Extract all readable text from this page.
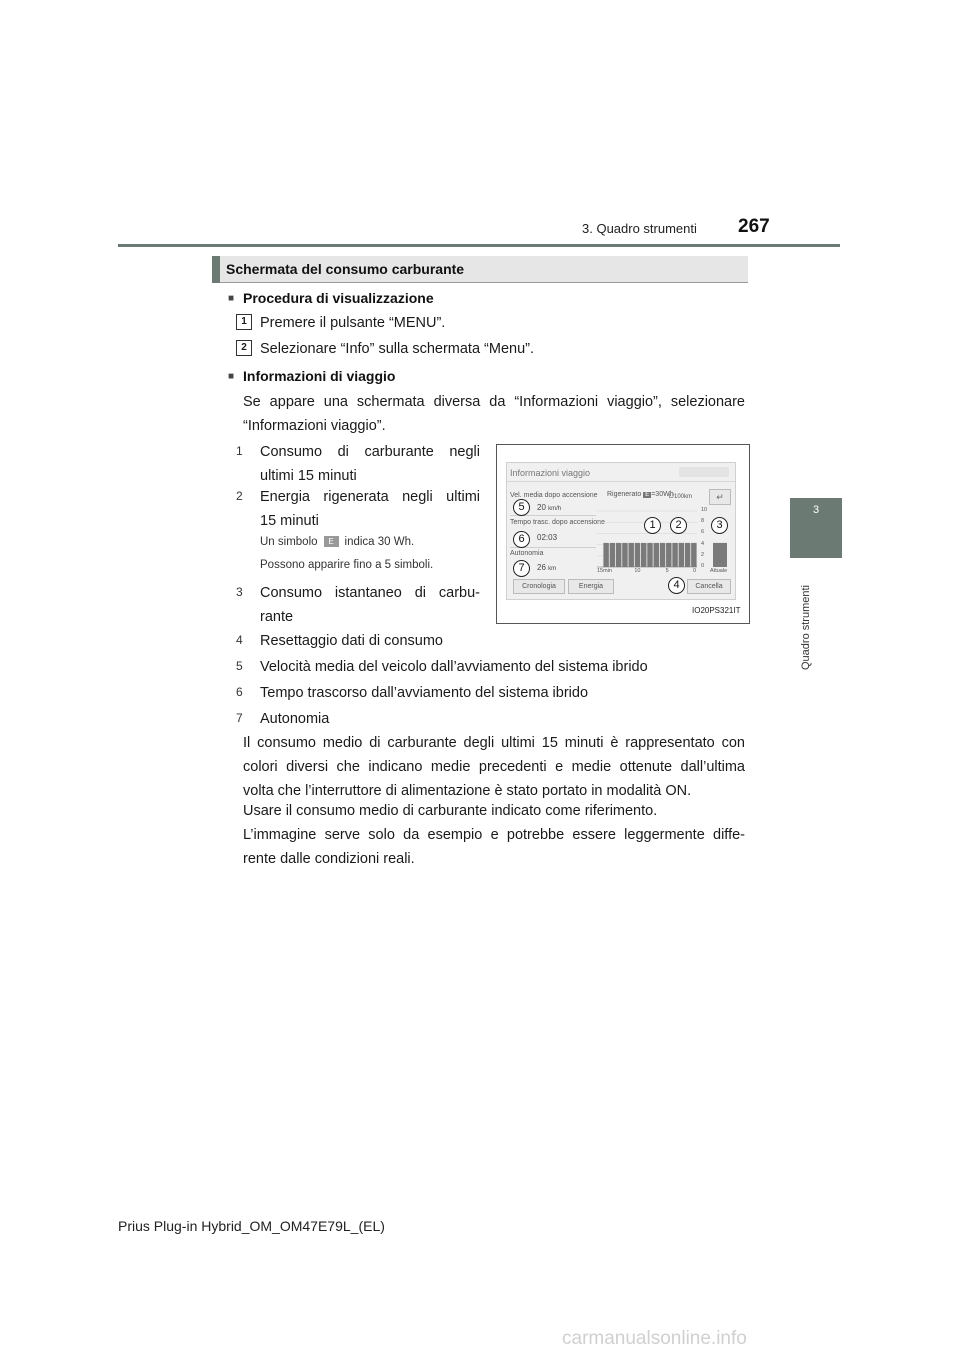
3. Quadro strumenti 267
3
Quadro strumenti
Schermata del consumo carburante
■ Procedura di visualizzazione
1 Premere il pulsante “MENU”.
2 Selezionare “Info” sulla schermata “Menu”.
■ Informazioni di viaggio
Se appare una schermata diversa da “Informazioni viaggio”, selezionare
“Informazioni viaggio”.
1 Consumo di carburante negli
ultimi 15 minuti
2 Energia rigenerata negli ultimi
15 minuti
Un simbolo E indica 30 Wh.
Possono apparire fino a 5 simboli.
3 Consumo istantaneo di carbu-
rante
4 Resettaggio dati di consumo
5 Velocità media del veicolo dall’avviamento del sistema ibrido
6 Tempo trascorso dall’avviamento del sistema ibrido
7 Autonomia
Il consumo medio di carburante degli ultimi 15 minuti è rappresentato con
colori diversi che indicano medie precedenti e medie ottenute dall’ultima
volta che l’interruttore di alimentazione è stato portato in modalità ON.
Usare il consumo medio di carburante indicato come riferimento.
L’immagine serve solo da esempio e potrebbe essere leggermente diffe-
rente dalle condizioni reali.
Informazioni viaggio
Vel. media dopo accensione
20 km/h
Tempo trasc. dopo accensione
02:03
Autonomia
26 km
Rigenerato E =30Wh
L/100km	↵
10
8
6
4
2
0
15min	10	5	0	Attuale
Cronologia	Energia	Cancella
1	2	3
4
5
6
7
IO20PS321IT
Prius Plug-in Hybrid_OM_OM47E79L_(EL)
carmanualsonline.info
